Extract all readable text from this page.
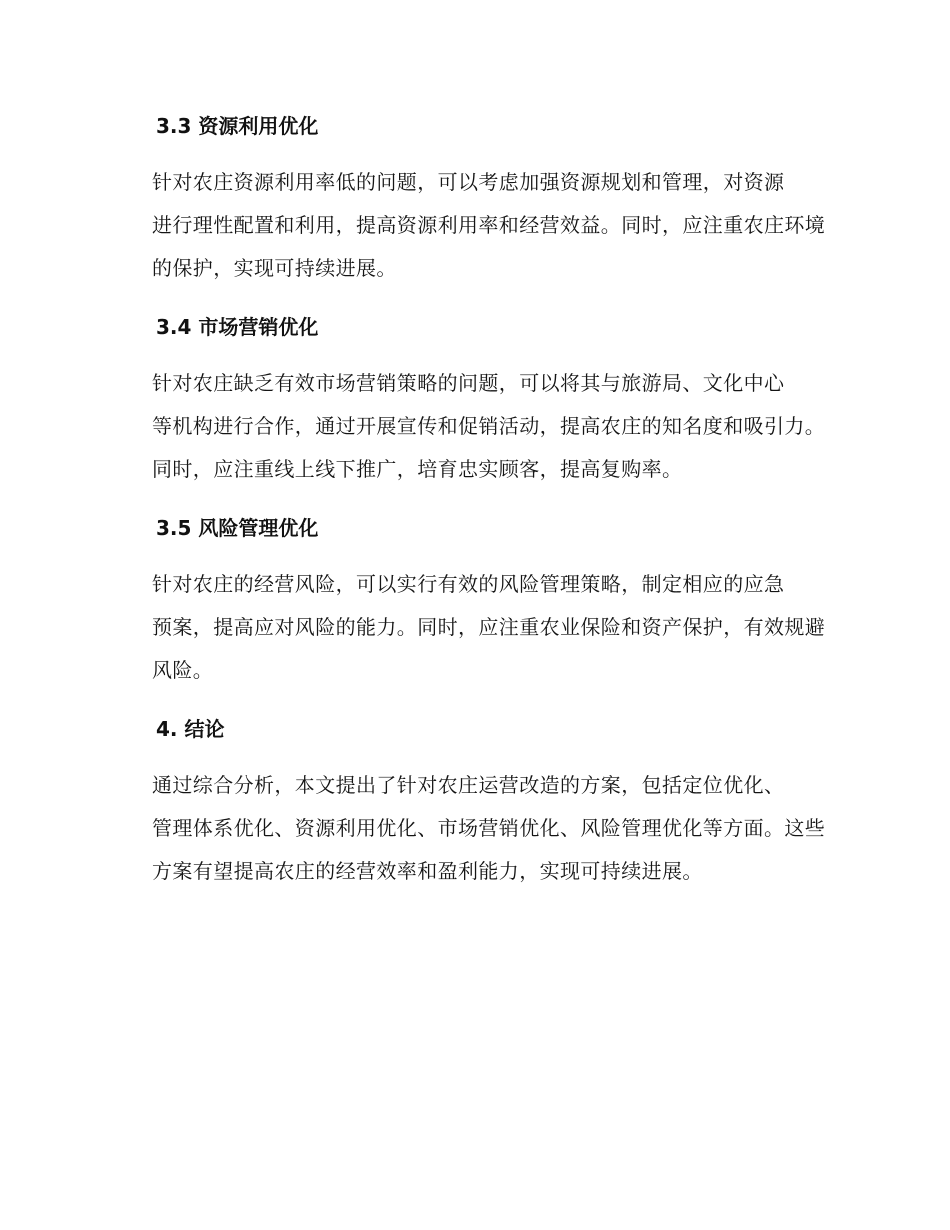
3.3 资源利用优化

针对农庄资源利用率低的问题，可以考虑加强资源规划和管理，对资源
进行理性配置和利用，提高资源利用率和经营效益。同时，应注重农庄环境
的保护，实现可持续进展。

3.4 市场营销优化

针对农庄缺乏有效市场营销策略的问题，可以将其与旅游局、文化中心
等机构进行合作，通过开展宣传和促销活动，提高农庄的知名度和吸引力。
同时，应注重线上线下推广，培育忠实顾客，提高复购率。

3.5 风险管理优化

针对农庄的经营风险，可以实行有效的风险管理策略，制定相应的应急
预案，提高应对风险的能力。同时，应注重农业保险和资产保护，有效规避
风险。

4. 结论

通过综合分析，本文提出了针对农庄运营改造的方案，包括定位优化、
管理体系优化、资源利用优化、市场营销优化、风险管理优化等方面。这些
方案有望提高农庄的经营效率和盈利能力，实现可持续进展。
